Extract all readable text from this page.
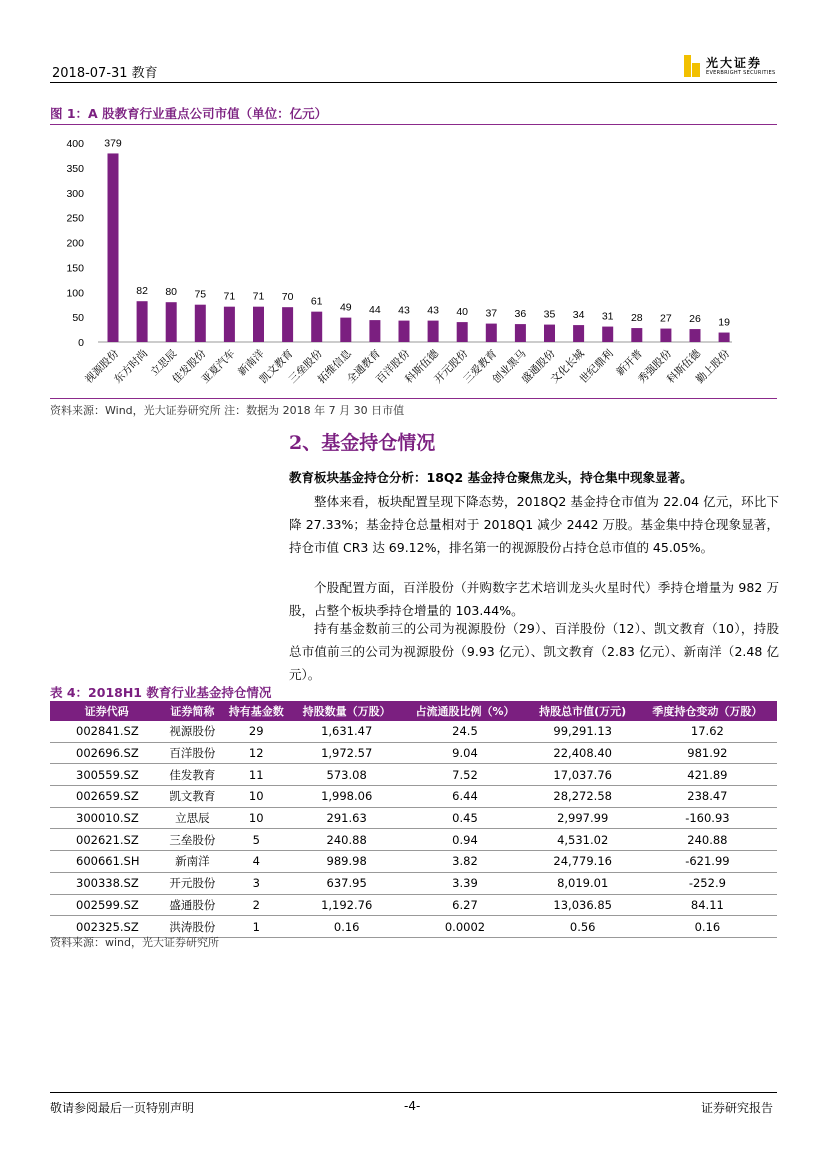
2018-07-31 教育
光大证券
EVERBRIGHT SECURITIES
图 1：A 股教育行业重点公司市值（单位：亿元）
0
50
100
150
200
250
300
350
400 379
视源股份
82
东方时尚
80
立思辰
75
佳发股份
71
亚夏汽车
71
新南洋
70
凯文教育
61
三垒股份
49
拓维信息
44
全通教育
43
百洋股份
43
科斯伍德
40
开元股份
37
三爱教育
36
创业黑马
35
盛通股份
34
文化长城
31
世纪鼎利
28
新开普
27
秀强股份
26
科斯伍德
19
勤上股份
资料来源：Wind，光大证券研究所 注：数据为 2018 年 7 月 30 日市值
2、基金持仓情况
教育板块基金持仓分析：18Q2 基金持仓聚焦龙头，持仓集中现象显著。
整体来看，板块配置呈现下降态势，2018Q2 基金持仓市值为 22.04 亿元，环比下降 27.33%；基金持仓总量相对于 2018Q1 减少 2442 万股。基金集中持仓现象显著，持仓市值 CR3 达 69.12%，排名第一的视源股份占持仓总市值的 45.05%。
个股配置方面，百洋股份（并购数字艺术培训龙头火星时代）季持仓增量为 982 万股，占整个板块季持仓增量的 103.44%。
持有基金数前三的公司为视源股份（29）、百洋股份（12）、凯文教育（10），持股总市值前三的公司为视源股份（9.93 亿元）、凯文教育（2.83 亿元）、新南洋（2.48 亿元）。
表 4：2018H1 教育行业基金持仓情况
证券代码	证券简称	持有基金数	持股数量（万股）	占流通股比例（%）	持股总市值(万元)	季度持仓变动（万股）
002841.SZ	视源股份	29	1,631.47	24.5	99,291.13	17.62
002696.SZ	百洋股份	12	1,972.57	9.04	22,408.40	981.92
300559.SZ	佳发教育	11	573.08	7.52	17,037.76	421.89
002659.SZ	凯文教育	10	1,998.06	6.44	28,272.58	238.47
300010.SZ	立思辰	10	291.63	0.45	2,997.99	-160.93
002621.SZ	三垒股份	5	240.88	0.94	4,531.02	240.88
600661.SH	新南洋	4	989.98	3.82	24,779.16	-621.99
300338.SZ	开元股份	3	637.95	3.39	8,019.01	-252.9
002599.SZ	盛通股份	2	1,192.76	6.27	13,036.85	84.11
002325.SZ	洪涛股份	1	0.16	0.0002	0.56	0.16
资料来源：wind，光大证券研究所
敬请参阅最后一页特别声明	-4-	证券研究报告
